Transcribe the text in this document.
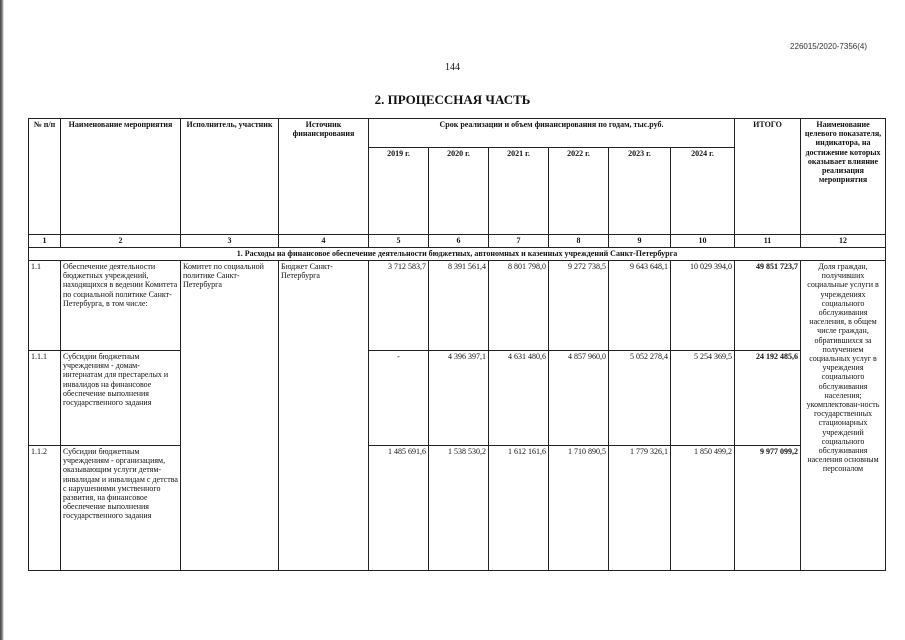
226015/2020-7356(4)
144
2. ПРОЦЕССНАЯ ЧАСТЬ
№ п/п	Наименование мероприятия	Исполнитель, участник	Источник финансирования	Срок реализации и объем финансирования по годам, тыс.руб.						ИТОГО	Наименование целевого показателя, индикатора, на достижение которых оказывает влияние реализация мероприятия
				2019 г.	2020 г.	2021 г.	2022 г.	2023 г.	2024 г.		
1	2	3	4	5	6	7	8	9	10	11	12
1. Расходы на финансовое обеспечение деятельности бюджетных, автономных и казенных учреждений Санкт-Петербурга											
1.1	Обеспечение деятельности бюджетных учреждений, находящихся в ведении Комитета по социальной политике Санкт-Петербурга, в том числе:	Комитет по социальной политике Санкт-Петербурга	Бюджет Санкт-Петербурга	3 712 583,7	8 391 561,4	8 801 798,0	9 272 738,5	9 643 648,1	10 029 394,0	49 851 723,7	Доля граждан, получивших социальные услуги в учреждениях социального обслуживания населения, в общем числе граждан, обратившихся за получением социальных услуг в учреждения социального обслуживания населения; укомплектован-ность государственных стационарных учреждений социального обслуживания населения основным персоналом
1.1.1	Субсидии бюджетным учреждениям - домам-интернатам для престарелых и инвалидов на финансовое обеспечение выполнения государственного задания			-	4 396 397,1	4 631 480,6	4 857 960,0	5 052 278,4	5 254 369,5	24 192 485,6	
1.1.2	Субсидии бюджетным учреждениям - организациям, оказывающим услуги детям-инвалидам и инвалидам с детства с нарушениями умственного развития, на финансовое обеспечение выполнения государственного задания			1 485 691,6	1 538 530,2	1 612 161,6	1 710 890,5	1 779 326,1	1 850 499,2	9 977 099,2	
